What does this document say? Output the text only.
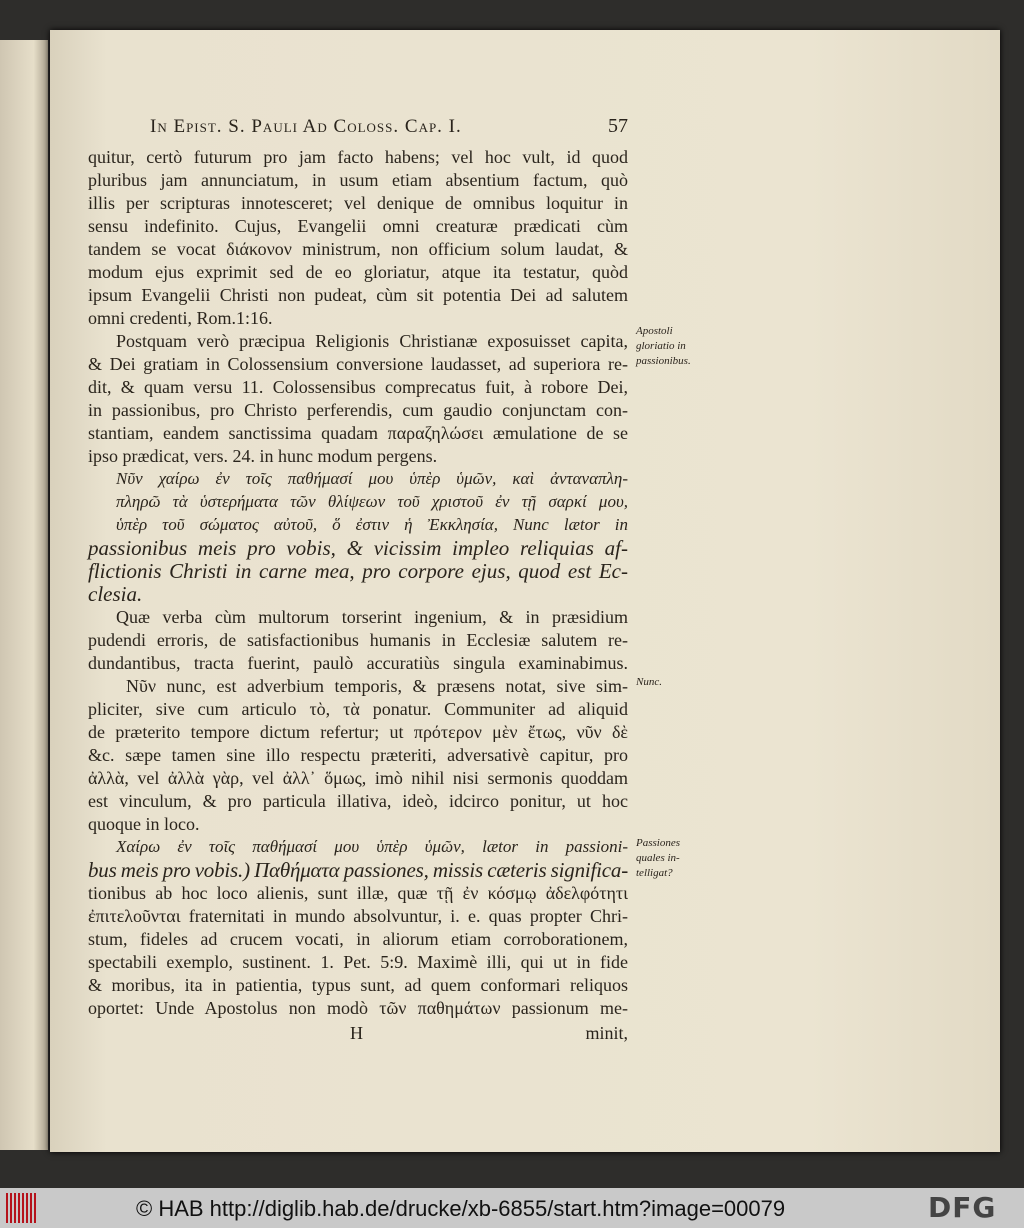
In Epist. S. Pauli Ad Coloss. Cap. I.	57
quitur, certò futurum pro jam facto habens; vel hoc vult, id quod
pluribus jam annunciatum, in usum etiam absentium factum, quò
illis per scripturas innotesceret; vel denique de omnibus loquitur in
sensu indefinito. Cujus, Evangelii omni creaturæ prædicati cùm
tandem se vocat διάκονον ministrum, non officium solum laudat, &
modum ejus exprimit sed de eo gloriatur, atque ita testatur, quòd
ipsum Evangelii Christi non pudeat, cùm sit potentia Dei ad salutem
omni credenti, Rom.1:16.
Postquam verò præcipua Religionis Christianæ exposuisset capita,
& Dei gratiam in Colossensium conversione laudasset, ad superiora re-
dit, & quam versu 11. Colossensibus comprecatus fuit, à robore Dei,
in passionibus, pro Christo perferendis, cum gaudio conjunctam con-
stantiam, eandem sanctissima quadam παραζηλώσει æmulatione de se
ipso prædicat, vers. 24. in hunc modum pergens.
Νῦν χαίρω ἐν τοῖς παθήμασί μου ὑπὲρ ὑμῶν, καὶ ἀνταναπλη-
πληρῶ τὰ ὑστερήματα τῶν θλίψεων τοῦ χριστοῦ ἐν τῇ σαρκί μου,
ὑπὲρ τοῦ σώματος αὐτοῦ, ὅ ἐστιν ἡ Ἐκκλησία, Nunc lætor in
passionibus meis pro vobis, & vicissim impleo reliquias af-
flictionis Christi in carne mea, pro corpore ejus, quod est Ec-
clesia.
Quæ verba cùm multorum torserint ingenium, & in præsidium
pudendi erroris, de satisfactionibus humanis in Ecclesiæ salutem re-
dundantibus, tracta fuerint, paulò accuratiùs singula examinabimus.
Νῦν nunc, est adverbium temporis, & præsens notat, sive sim-
pliciter, sive cum articulo τὸ, τὰ ponatur. Communiter ad aliquid
de præterito tempore dictum refertur; ut πρότερον μὲν ἔτως, νῦν δὲ
&c. sæpe tamen sine illo respectu præteriti, adversativè capitur, pro
ἀλλὰ, vel ἀλλὰ γὰρ, vel ἀλλ᾽ ὅμως, imò nihil nisi sermonis quoddam
est vinculum, & pro particula illativa, ideò, idcirco ponitur, ut hoc
quoque in loco.
Χαίρω ἐν τοῖς παθήμασί μου ὑπὲρ ὑμῶν, lætor in passioni-
bus meis pro vobis.) Παθήματα passiones, missis cæteris significa-
tionibus ab hoc loco alienis, sunt illæ, quæ τῇ ἐν κόσμῳ ἀδελφότητι
ἐπιτελοῦνται fraternitati in mundo absolvuntur, i. e. quas propter Chri-
stum, fideles ad crucem vocati, in aliorum etiam corroborationem,
spectabili exemplo, sustinent. 1. Pet. 5:9. Maximè illi, qui ut in fide
& moribus, ita in patientia, typus sunt, ad quem conformari reliquos
oportet: Unde Apostolus non modò τῶν παθημάτων passionum me-
H	minit,
Apostoli
gloriatio in
passionibus.
Nunc.
Passiones
quales in-
telligat?
© HAB http://diglib.hab.de/drucke/xb-6855/start.htm?image=00079	DFG
